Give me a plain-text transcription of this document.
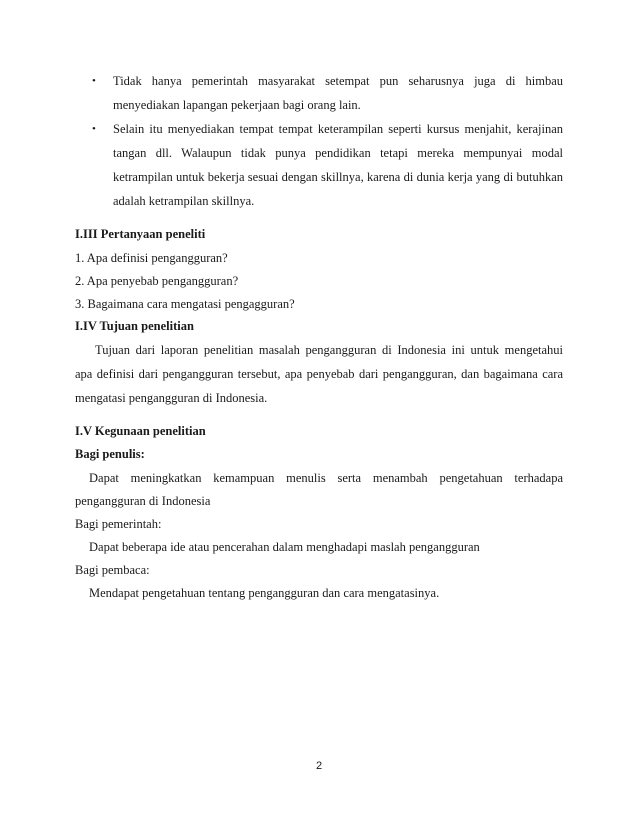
• Tidak hanya pemerintah masyarakat setempat pun seharusnya juga di himbau
menyediakan lapangan pekerjaan bagi orang lain.
• Selain itu menyediakan tempat tempat keterampilan seperti kursus menjahit, kerajinan
tangan dll. Walaupun tidak punya pendidikan tetapi mereka mempunyai modal
ketrampilan untuk bekerja sesuai dengan skillnya, karena di dunia kerja yang di butuhkan
adalah ketrampilan skillnya.
I.III Pertanyaan peneliti
1. Apa definisi pengangguran?
2. Apa penyebab pengangguran?
3. Bagaimana cara mengatasi pengagguran?
I.IV Tujuan penelitian
Tujuan dari laporan penelitian masalah pengangguran di Indonesia ini untuk mengetahui
apa definisi dari pengangguran tersebut, apa penyebab dari pengangguran, dan bagaimana cara
mengatasi pengangguran di Indonesia.
I.V Kegunaan penelitian
Bagi penulis:
Dapat meningkatkan kemampuan menulis serta menambah pengetahuan terhadapa
pengangguran di Indonesia
Bagi pemerintah:
Dapat beberapa ide atau pencerahan dalam menghadapi maslah pengangguran
Bagi pembaca:
Mendapat pengetahuan tentang pengangguran dan cara mengatasinya.
2
